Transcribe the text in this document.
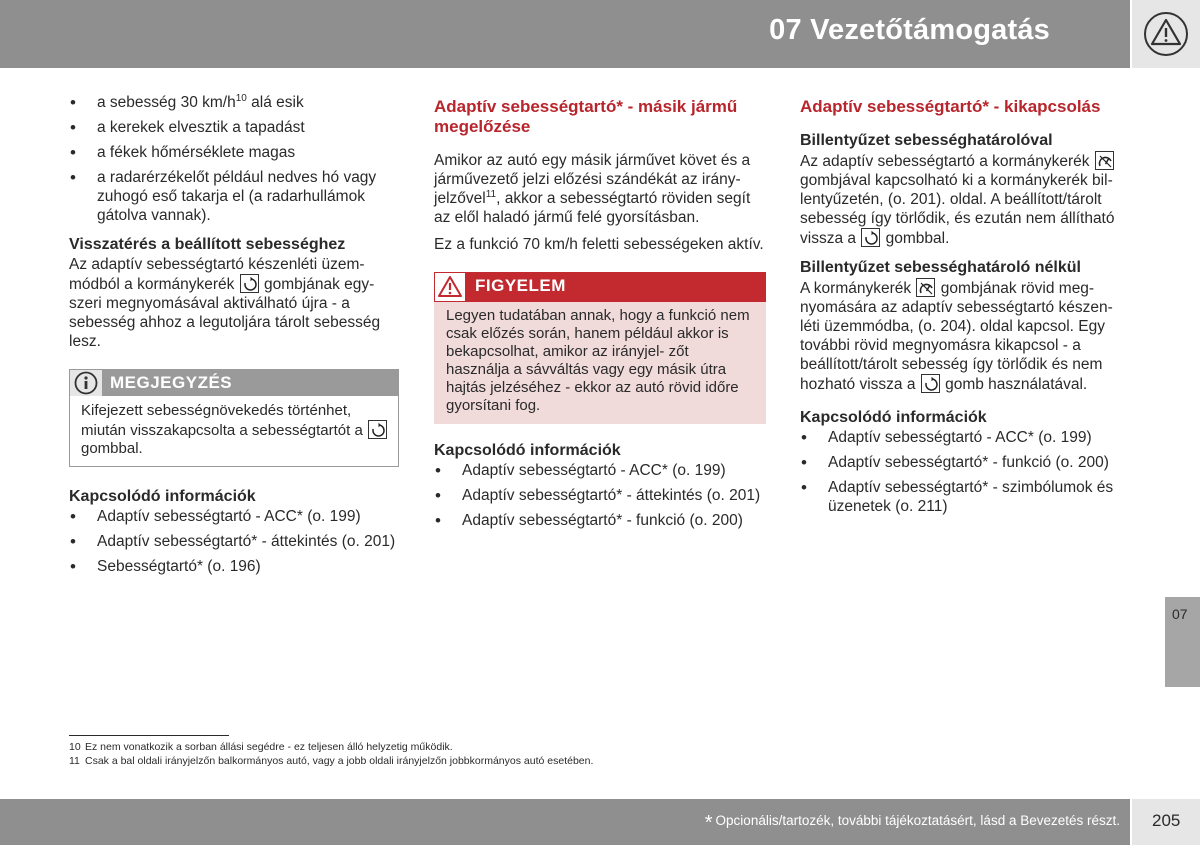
07 Vezetőtámogatás
07
• a sebesség 30 $km/h^{10}$ alá esik
• a kerekek elvesztik a tapadást
• a fékek hőmérséklete magas
• a radarérzékelőt például nedves hó vagy zuhogó eső takarja el (a radarhullámok gátolva vannak).
Visszatérés a beállított sebességhez

Az adaptív sebességtartó készenléti üzem- módból a kormánykerék
gombjának egy- szeri megnyomásával aktiválható újra - a sebesség ahhoz a legutoljára tárolt sebesség lesz.

MEGJEGYZÉS
Kifejezett sebességnövekedés történhet, miután visszakapcsolta a sebességtartót a
gombbal.
Kapcsolódó információk
• Adaptív sebességtartó - ACC* (o. 199)
• Adaptív sebességtartó* - áttekintés (o. 201)
• Sebességtartó* (o. 196)
Adaptív sebességtartó* - másik jármű megelőzése

Amikor az autó egy másik járművet követ és a járművezető jelzi előzési szándékát az irány- jelzővel$^{11}$, akkor a sebességtartó röviden segít az elől haladó jármű felé gyorsításban.

Ez a funkció 70 km/h feletti sebességeken aktív.

FIGYELEM
Legyen tudatában annak, hogy a funkció nem csak előzés során, hanem például akkor is bekapcsolhat, amikor az irányjel- zőt használja a sávváltás vagy egy másik útra hajtás jelzéséhez - ekkor az autó rövid időre gyorsítani fog.
Kapcsolódó információk
• Adaptív sebességtartó - ACC* (o. 199)
• Adaptív sebességtartó* - áttekintés (o. 201)
• Adaptív sebességtartó* - funkció (o. 200)
Adaptív sebességtartó* - kikapcsolás
Billentyűzet sebességhatárolóval

Az adaptív sebességtartó a kormánykerék
gombjával kapcsolható ki a kormánykerék bil- lentyűzetén, (o. 201). oldal. A beállított/tárolt sebesség így törlődik, és ezután nem állítható vissza a
gombbal.

Billentyűzet sebességhatároló nélkül

A kormánykerék
gombjának rövid meg- nyomására az adaptív sebességtartó készen- léti üzemmódba, (o. 204). oldal kapcsol. Egy további rövid megnyomásra kikapcsol - a beállított/tárolt sebesség így törlődik és nem hozható vissza a
gomb használatával.

Kapcsolódó információk
• Adaptív sebességtartó - ACC* (o. 199)
• Adaptív sebességtartó* - funkció (o. 200)
• Adaptív sebességtartó* - szimbólumok és üzenetek (o. 211)
10 Ez nem vonatkozik a sorban állási segédre - ez teljesen álló helyzetig működik.
11 Csak a bal oldali irányjelzőn balkormányos autó, vagy a jobb oldali irányjelzőn jobbkormányos autó esetében.
* Opcionális/tartozék, további tájékoztatásért, lásd a Bevezetés részt. 205
